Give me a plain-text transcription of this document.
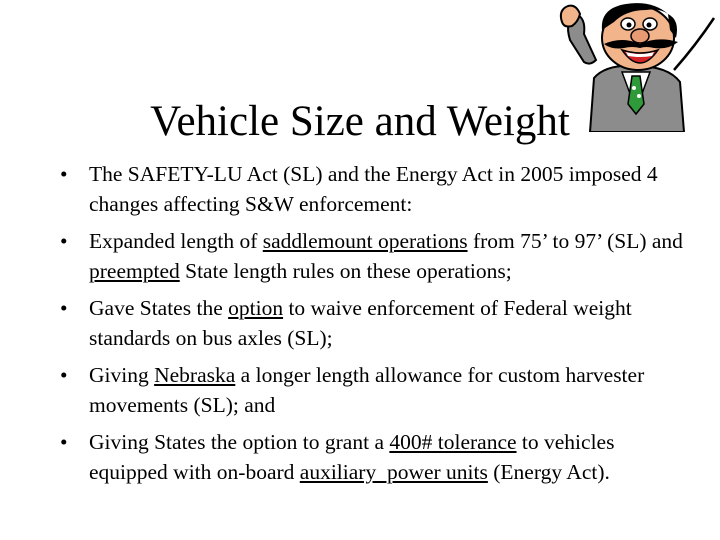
Vehicle Size and Weight
• The SAFETY-LU Act (SL) and the Energy Act in 2005 imposed 4 changes affecting S&W enforcement:
• Expanded length of saddlemount operations from 75’ to 97’ (SL) and preempted State length rules on these operations;
• Gave States the option to waive enforcement of Federal weight standards on bus axles (SL);
• Giving Nebraska a longer length allowance for custom harvester movements (SL); and
• Giving States the option to grant a 400# tolerance to vehicles equipped with on-board auxiliary  power units (Energy Act).
